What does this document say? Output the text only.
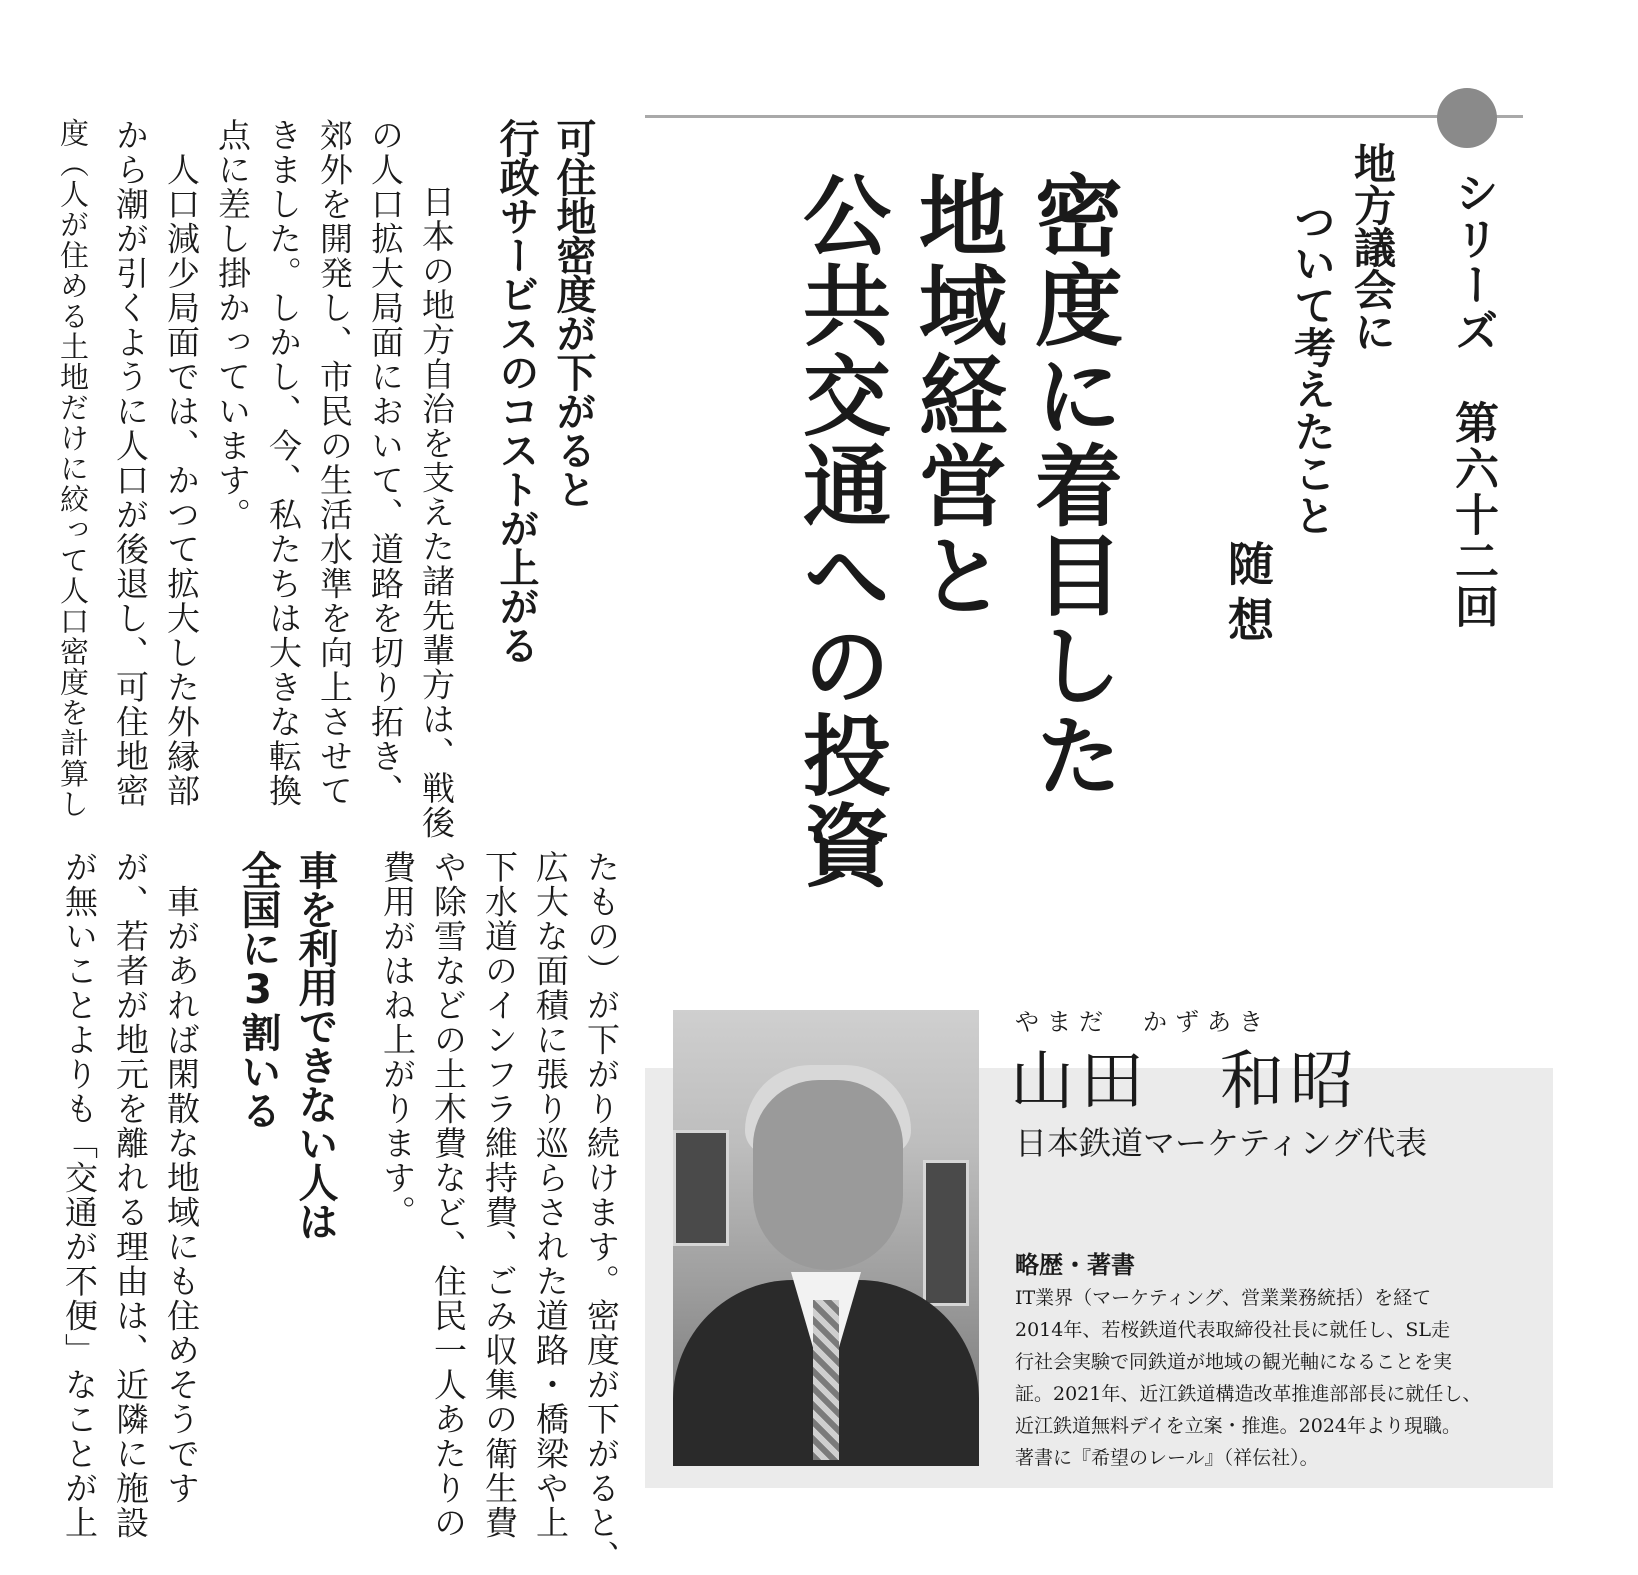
シリーズ　第六十二回
地方議会に
ついて考えたこと
随想
密度に着目した
地域経営と
公共交通への投資
可住地密度が下がると
行政サービスのコストが上がる
　日本の地方自治を支えた諸先輩方は、戦後
の人口拡大局面において、道路を切り拓き、
郊外を開発し、市民の生活水準を向上させて
きました。しかし、今、私たちは大きな転換
点に差し掛かっています。
　人口減少局面では、かつて拡大した外縁部
から潮が引くように人口が後退し、可住地密
度（人が住める土地だけに絞って人口密度を計算し
たもの）が下がり続けます。密度が下がると、
広大な面積に張り巡らされた道路・橋梁や上
下水道のインフラ維持費、ごみ収集の衛生費
や除雪などの土木費など、住民一人あたりの
費用がはね上がります。
車を利用できない人は
全国に3割いる
　車があれば閑散な地域にも住めそうです
が、若者が地元を離れる理由は、近隣に施設
が無いことよりも「交通が不便」なことが上	やまだ　かずあき
山田　和昭
日本鉄道マーケティング代表
略歴・著書
IT業界（マーケティング、営業業務統括）を経て
2014年、若桜鉄道代表取締役社長に就任し、SL走
行社会実験で同鉄道が地域の観光軸になることを実
証。2021年、近江鉄道構造改革推進部部長に就任し、
近江鉄道無料デイを立案・推進。2024年より現職。
著書に『希望のレール』（祥伝社）。
